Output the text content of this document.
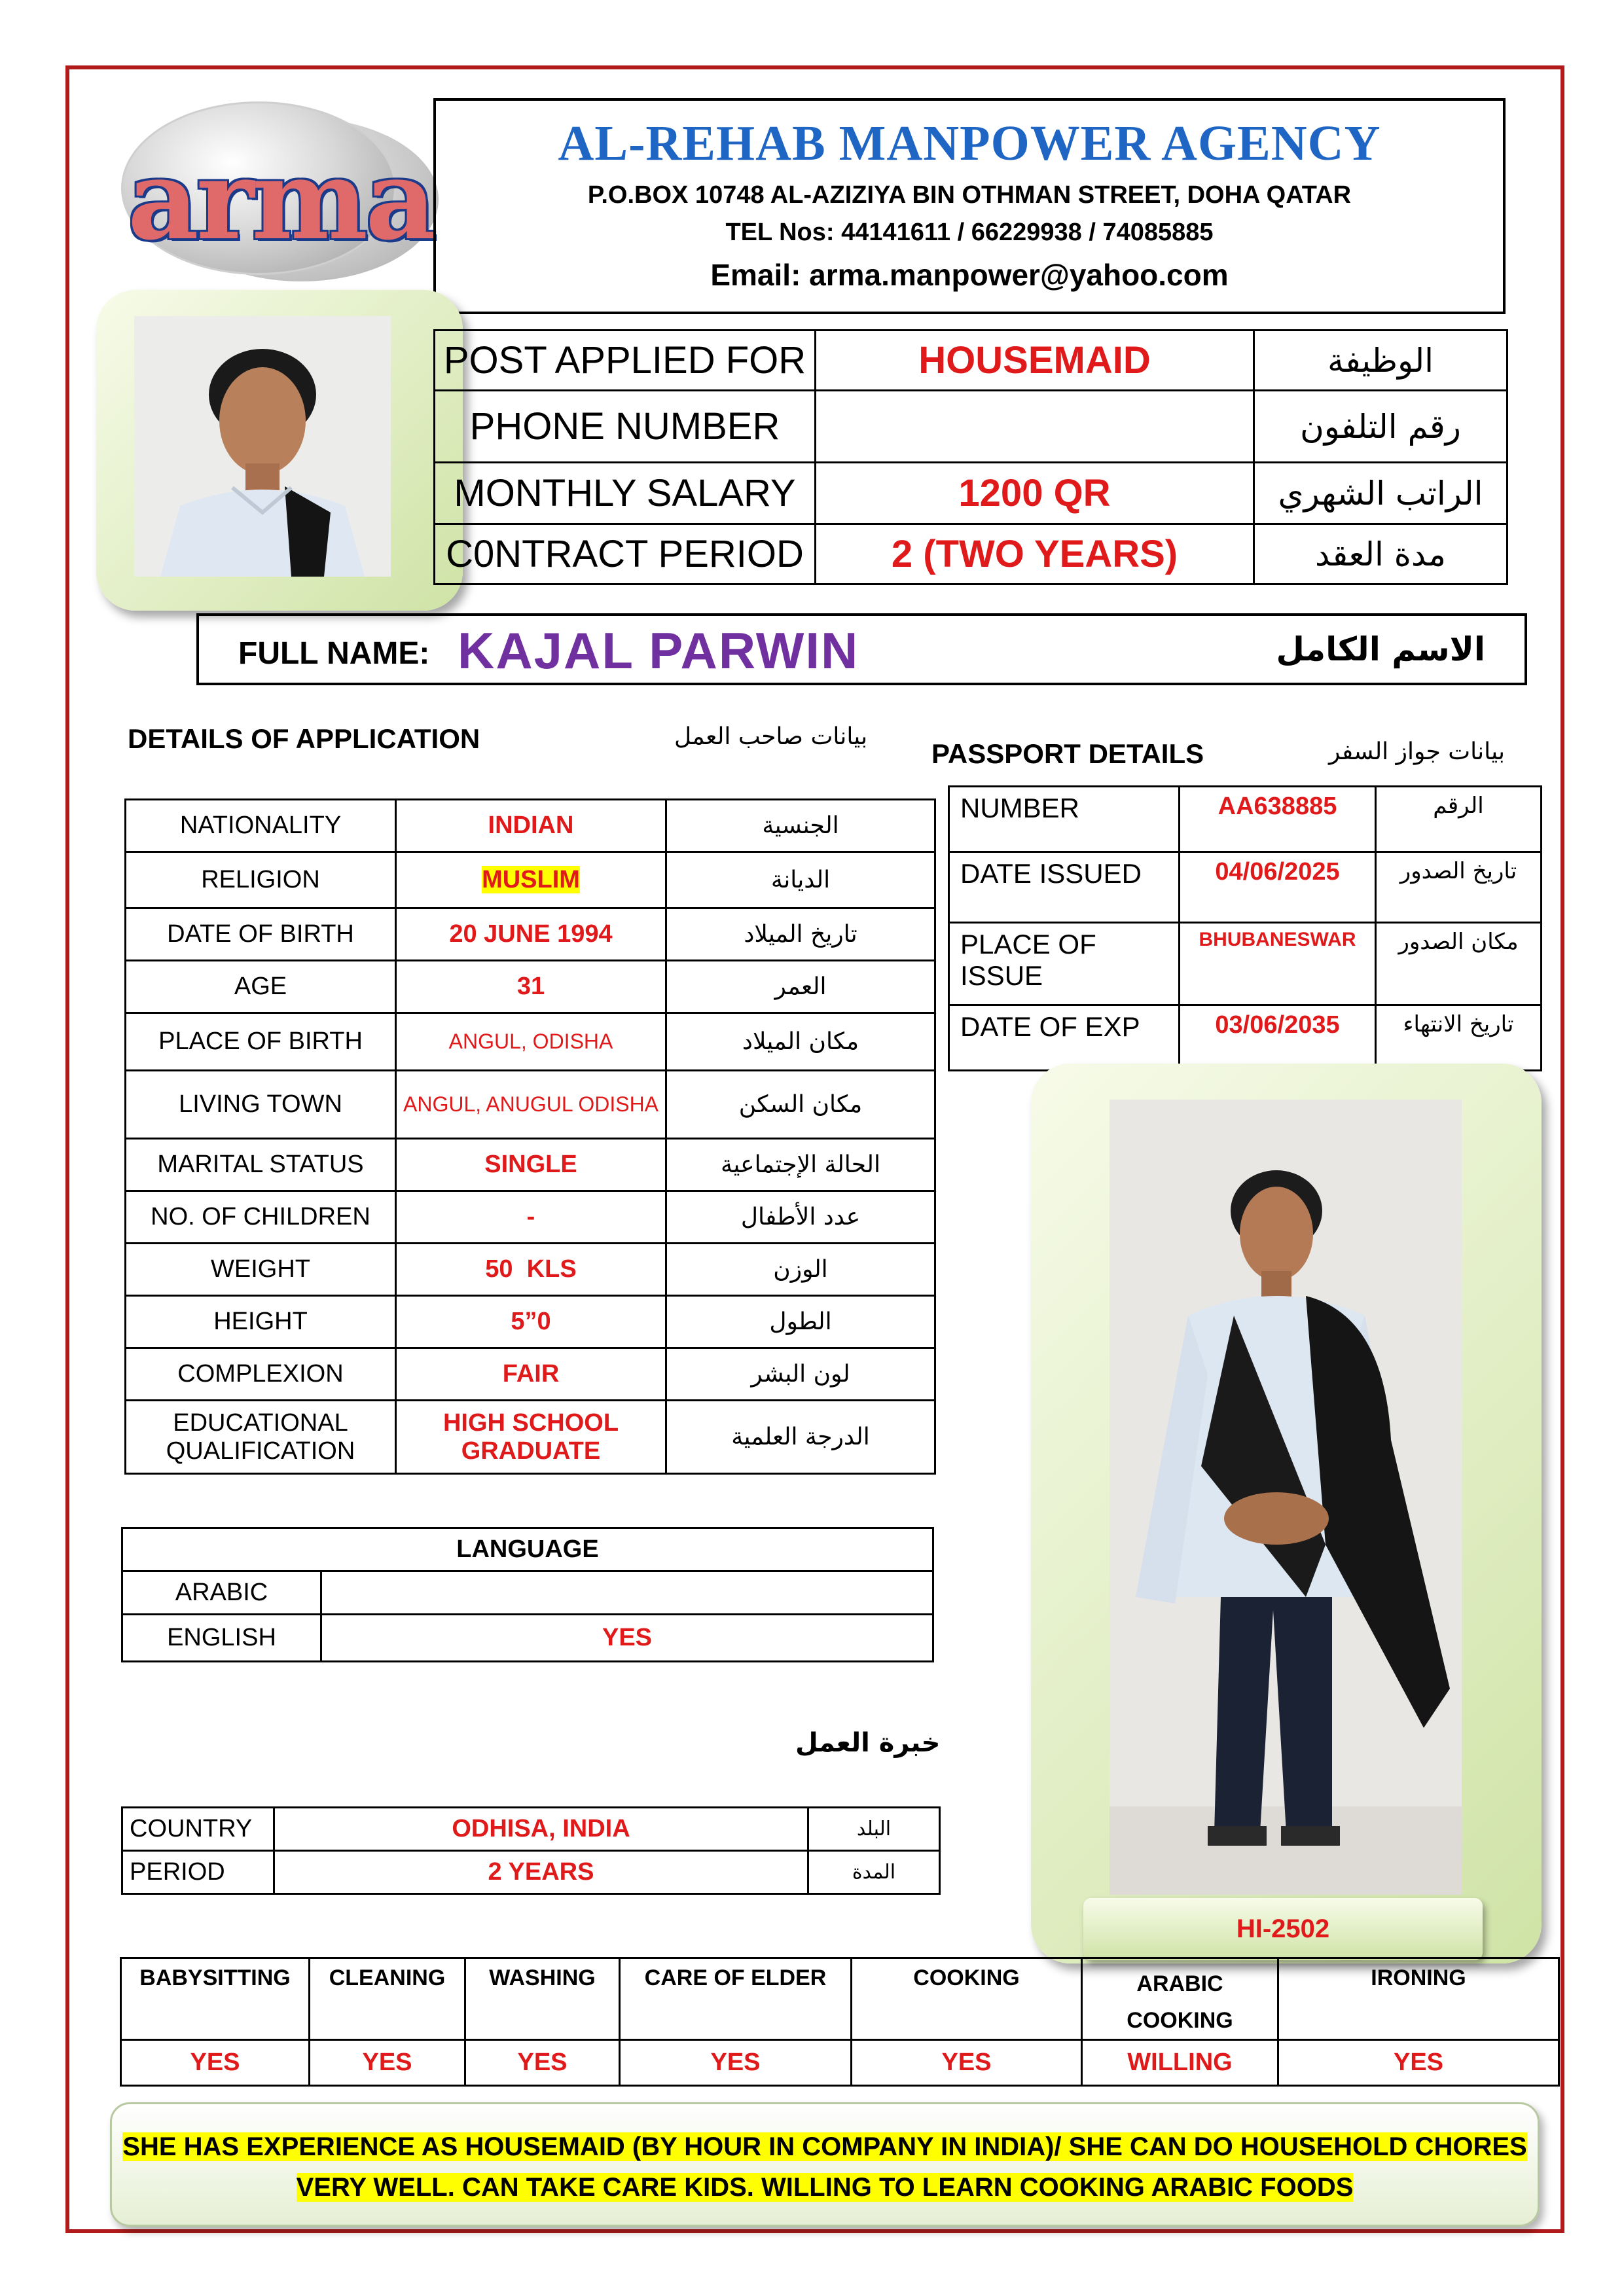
arma	AL-REHAB MANPOWER AGENCY
P.O.BOX 10748 AL-AZIZIYA BIN OTHMAN STREET, DOHA QATAR
TEL Nos: 44141611 / 66229938 / 74085885
Email: arma.manpower@yahoo.com
POST APPLIED FOR	HOUSEMAID	الوظيفة
PHONE NUMBER		رقم التلفون
MONTHLY SALARY	1200 QR	الراتب الشهري
C0NTRACT PERIOD	2 (TWO YEARS)	مدة العقد
FULL NAME: KAJAL PARWIN	الاسم الكامل
DETAILS OF APPLICATION	بيانات صاحب العمل
PASSPORT DETAILS	بيانات جواز السفر
NATIONALITY	INDIAN	الجنسية
RELIGION	MUSLIM	الديانة
DATE OF BIRTH	20 JUNE 1994	تاريخ الميلاد
AGE	31	العمر
PLACE OF BIRTH	ANGUL, ODISHA	مكان الميلاد
LIVING TOWN	ANGUL, ANUGUL ODISHA	مكان السكن
MARITAL STATUS	SINGLE	الحالة الإجتماعية
NO. OF CHILDREN	-	عدد الأطفال
WEIGHT	50  KLS	الوزن
HEIGHT	5”0	الطول
COMPLEXION	FAIR	لون البشر
EDUCATIONAL QUALIFICATION	HIGH SCHOOL GRADUATE	الدرجة العلمية
NUMBER	AA638885	الرقم
DATE ISSUED	04/06/2025	تاريخ الصدور
PLACE OF ISSUE	BHUBANESWAR	مكان الصدور
DATE OF EXP	03/06/2035	تاريخ الانتهاء
HI-2502
LANGUAGE	
ARABIC	
ENGLISH	YES
خبرة العمل
COUNTRY	ODHISA, INDIA	البلد
PERIOD	2 YEARS	المدة
BABYSITTING	CLEANING	WASHING	CARE OF ELDER	COOKING	ARABIC COOKING	IRONING
YES	YES	YES	YES	YES	WILLING	YES
SHE HAS EXPERIENCE AS HOUSEMAID (BY HOUR IN COMPANY IN INDIA)/ SHE CAN DO HOUSEHOLD CHORES
VERY WELL. CAN TAKE CARE KIDS. WILLING TO LEARN COOKING ARABIC FOODS
